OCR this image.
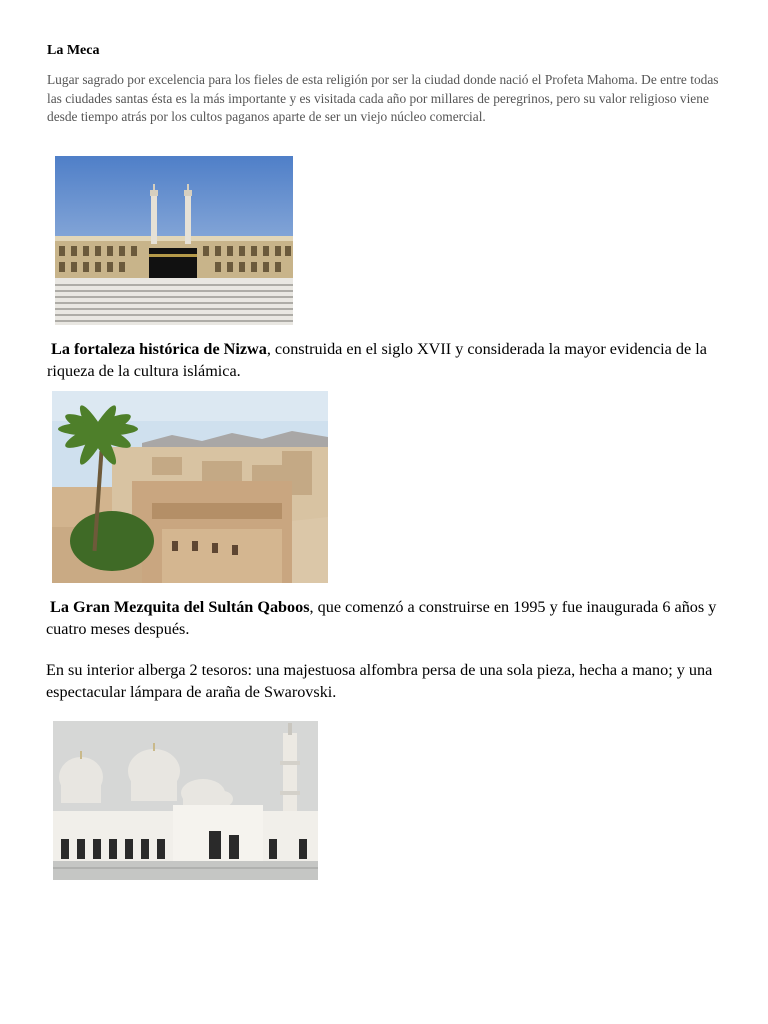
La Meca
Lugar sagrado por excelencia para los fieles de esta religión por ser la ciudad donde nació el Profeta Mahoma. De entre todas las ciudades santas ésta es la más importante y es visitada cada año por millares de peregrinos, pero su valor religioso viene desde tiempo atrás por los cultos paganos aparte de ser un viejo núcleo comercial.
La fortaleza histórica de Nizwa, construida en el siglo XVII y considerada la mayor evidencia de la riqueza de la cultura islámica.
La Gran Mezquita del Sultán Qaboos, que comenzó a construirse en 1995 y fue inaugurada 6 años y cuatro meses después.
En su interior alberga 2 tesoros: una majestuosa alfombra persa de una sola pieza, hecha a mano; y una espectacular lámpara de araña de Swarovski.
